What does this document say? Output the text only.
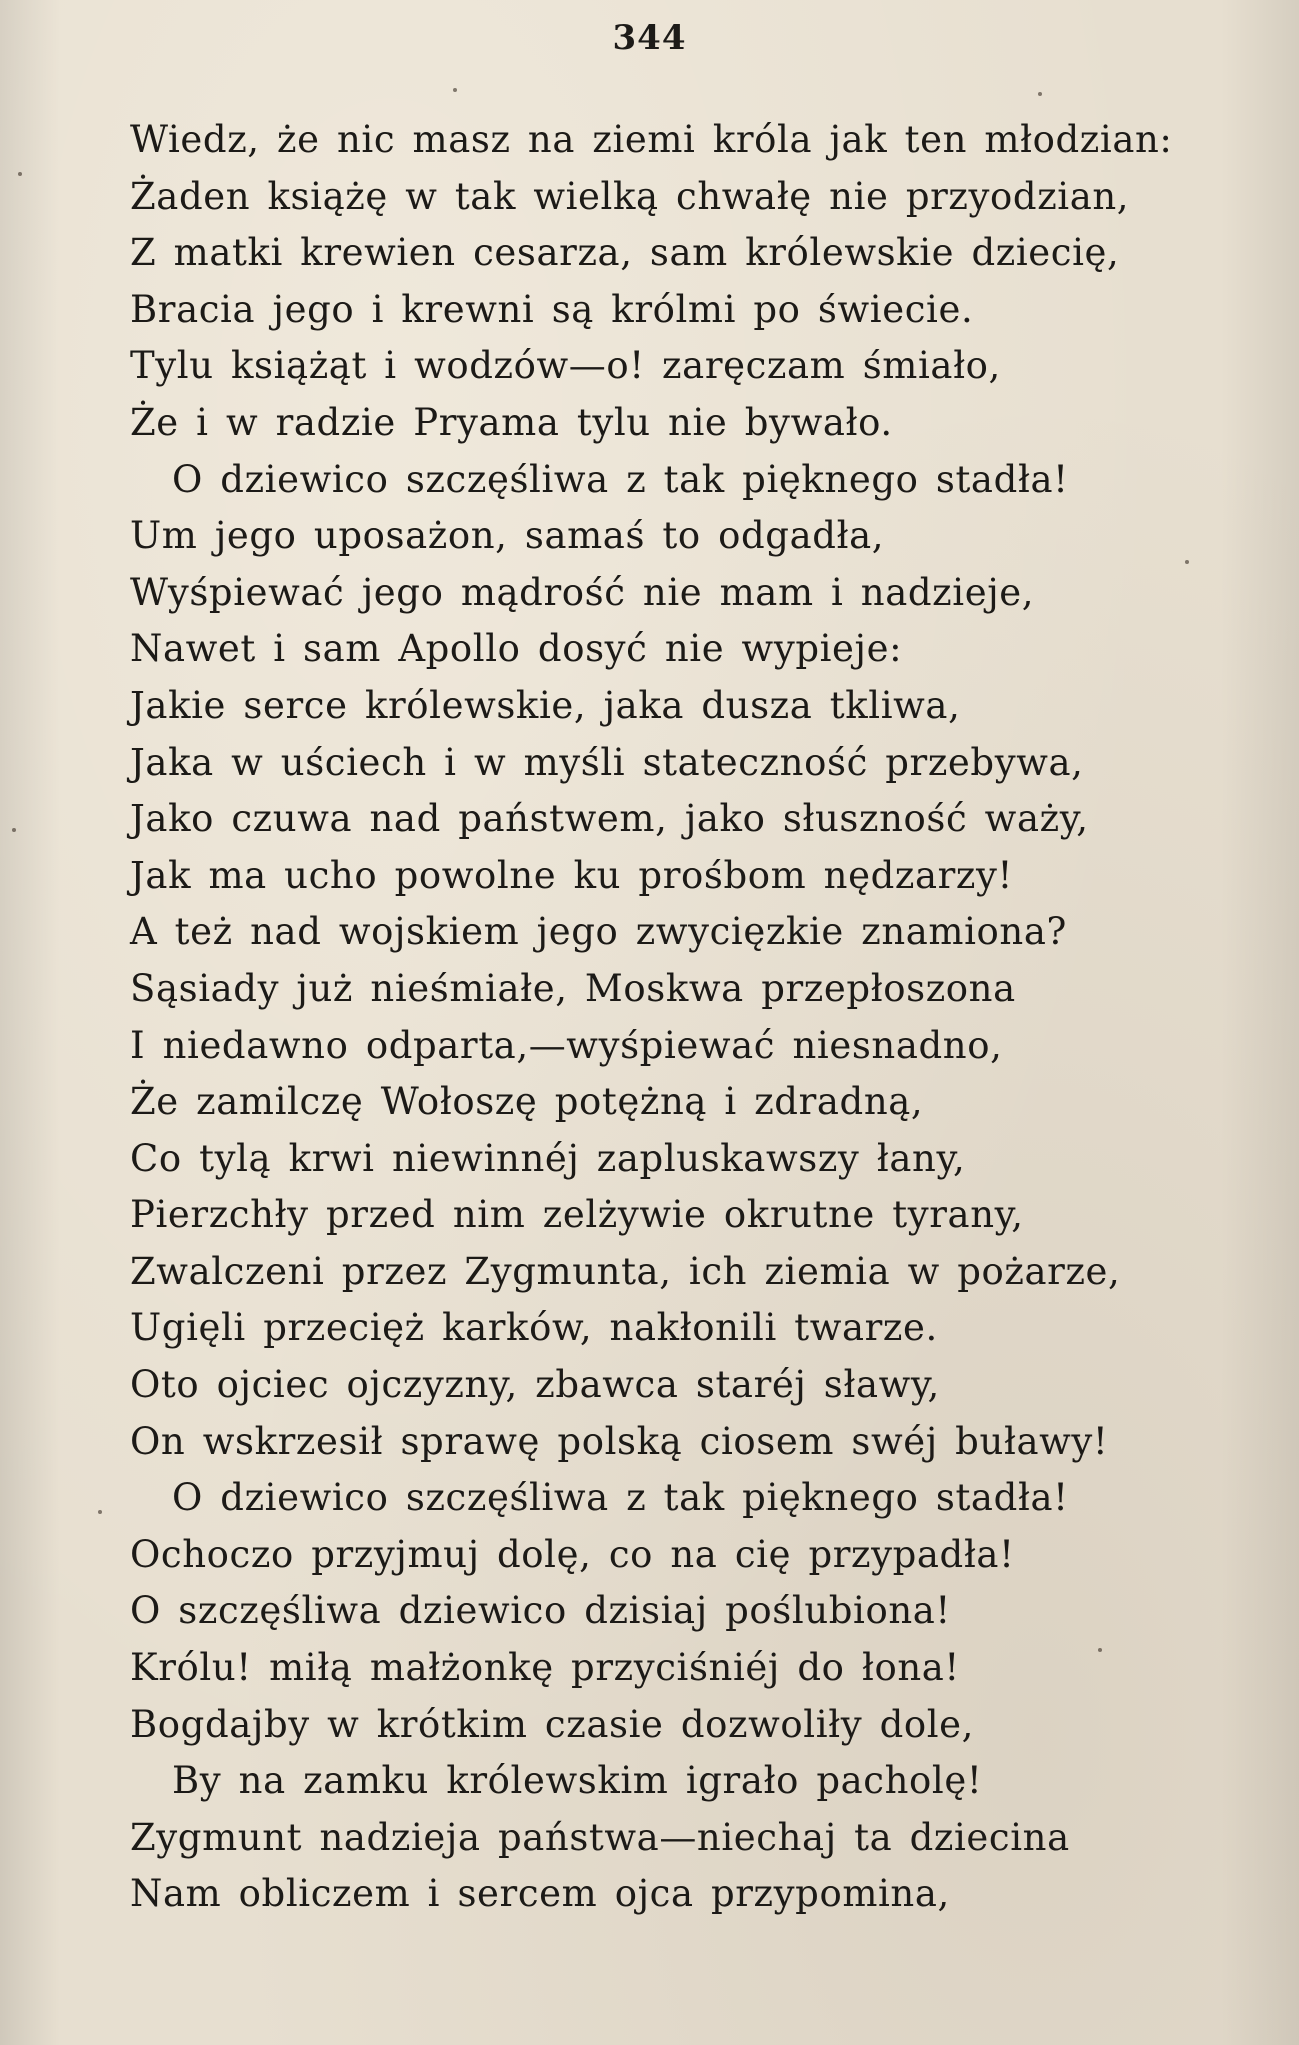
344
Wiedz, że nic masz na ziemi króla jak ten młodzian:
Żaden książę w tak wielką chwałę nie przyodzian,
Z matki krewien cesarza, sam królewskie dziecię,
Bracia jego i krewni są królmi po świecie.
Tylu książąt i wodzów—o! zaręczam śmiało,
Że i w radzie Pryama tylu nie bywało.
O dziewico szczęśliwa z tak pięknego stadła!
Um jego uposażon, samaś to odgadła,
Wyśpiewać jego mądrość nie mam i nadzieje,
Nawet i sam Apollo dosyć nie wypieje:
Jakie serce królewskie, jaka dusza tkliwa,
Jaka w uściech i w myśli stateczność przebywa,
Jako czuwa nad państwem, jako słuszność waży,
Jak ma ucho powolne ku prośbom nędzarzy!
A też nad wojskiem jego zwycięzkie znamiona?
Sąsiady już nieśmiałe, Moskwa przepłoszona
I niedawno odparta,—wyśpiewać niesnadno,
Że zamilczę Wołoszę potężną i zdradną,
Co tylą krwi niewinnéj zapluskawszy łany,
Pierzchły przed nim zelżywie okrutne tyrany,
Zwalczeni przez Zygmunta, ich ziemia w pożarze,
Ugięli przecięż karków, nakłonili twarze.
Oto ojciec ojczyzny, zbawca staréj sławy,
On wskrzesił sprawę polską ciosem swéj buławy!
O dziewico szczęśliwa z tak pięknego stadła!
Ochoczo przyjmuj dolę, co na cię przypadła!
O szczęśliwa dziewico dzisiaj poślubiona!
Królu! miłą małżonkę przyciśniéj do łona!
Bogdajby w krótkim czasie dozwoliły dole,
By na zamku królewskim igrało pacholę!
Zygmunt nadzieja państwa—niechaj ta dziecina
Nam obliczem i sercem ojca przypomina,
